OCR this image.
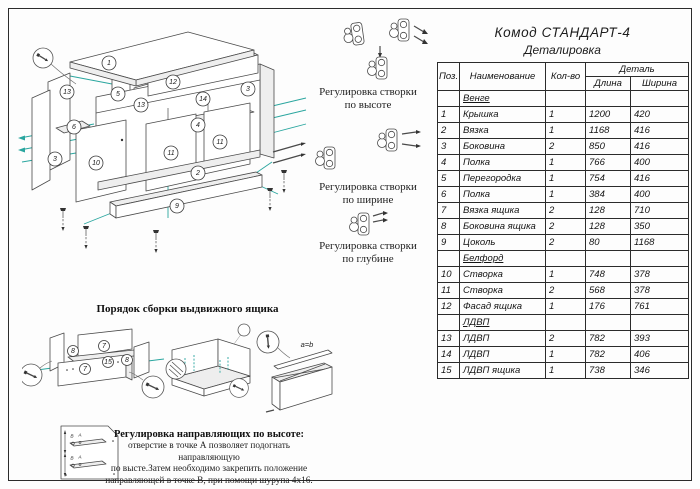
1
13	5
13
12
14
3
6	4
11
11
3
10
2
9
Регулировка створки
по высоте
Регулировка створки
по ширине
Регулировка створки
по глубине
Комод СТАНДАРТ-4
Деталировка
Поз.	Наименование	Кол-во	Деталь	
			Длина	Ширина
	Венге			
1	Крышка	1	1200	420
2	Вязка	1	1168	416
3	Боковина	2	850	416
4	Полка	1	766	400
5	Перегородка	1	754	416
6	Полка	1	384	400
7	Вязка ящика	2	128	710
8	Боковина ящика	2	128	350
9	Цоколь	2	80	1168
	Белфорд			
10	Створка	1	748	378
11	Створка	2	568	378
12	Фасад ящика	1	176	761
	ЛДВП			
13	ЛДВП	2	782	393
14	ЛДВП	1	782	406
15	ЛДВП ящика	1	738	346
Порядок сборки выдвижного ящика
a=b
8
7
7
15 8
В А
В А
Регулировка направляющих по высоте:
отверстие в точке А позволяет подогнать направляющую
по высте.Затем необходимо закрепить положение
направляющей в точке В, при помощи шурупа 4х16.
